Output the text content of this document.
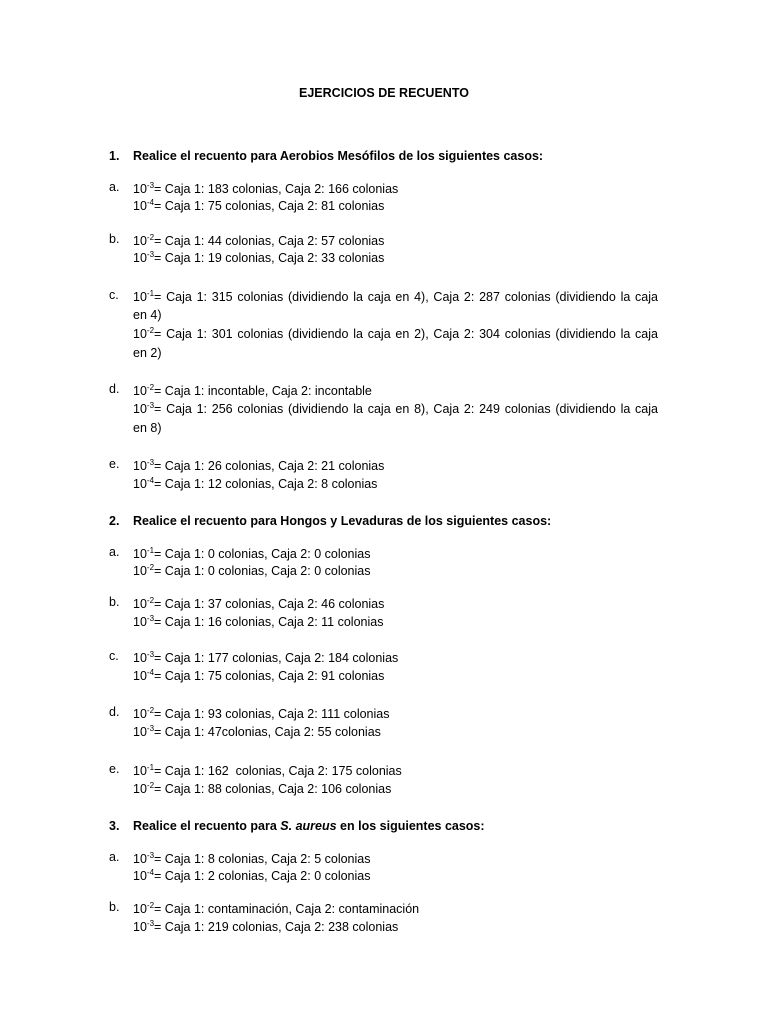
EJERCICIOS DE RECUENTO
1. Realice el recuento para Aerobios Mesófilos de los siguientes casos:
a. $10^{-3}=$ Caja 1: 183 colonias, Caja 2: 166 colonias
$10^{-4}=$ Caja 1: 75 colonias, Caja 2: 81 colonias
b. $10^{-2}=$ Caja 1: 44 colonias, Caja 2: 57 colonias
$10^{-3}=$ Caja 1: 19 colonias, Caja 2: 33 colonias
c. $10^{-1}=$ Caja 1: 315 colonias (dividiendo la caja en 4), Caja 2: 287 colonias (dividiendo la caja
en 4)
$10^{-2}=$ Caja 1: 301 colonias (dividiendo la caja en 2), Caja 2: 304 colonias (dividiendo la caja
en 2)
d. $10^{-2}=$ Caja 1: incontable, Caja 2: incontable
$10^{-3}=$ Caja 1: 256 colonias (dividiendo la caja en 8), Caja 2: 249 colonias (dividiendo la caja
en 8)
e. $10^{-3}=$ Caja 1: 26 colonias, Caja 2: 21 colonias
$10^{-4}=$ Caja 1: 12 colonias, Caja 2: 8 colonias
2. Realice el recuento para Hongos y Levaduras de los siguientes casos:
a. $10^{-1}=$ Caja 1: 0 colonias, Caja 2: 0 colonias
$10^{-2}=$ Caja 1: 0 colonias, Caja 2: 0 colonias
b. $10^{-2}=$ Caja 1: 37 colonias, Caja 2: 46 colonias
$10^{-3}=$ Caja 1: 16 colonias, Caja 2: 11 colonias
c. $10^{-3}=$ Caja 1: 177 colonias, Caja 2: 184 colonias
$10^{-4}=$ Caja 1: 75 colonias, Caja 2: 91 colonias
d. $10^{-2}=$ Caja 1: 93 colonias, Caja 2: 111 colonias
$10^{-3}=$ Caja 1: 47colonias, Caja 2: 55 colonias
e. $10^{-1}=$ Caja 1: 162  colonias, Caja 2: 175 colonias
$10^{-2}=$ Caja 1: 88 colonias, Caja 2: 106 colonias
3. Realice el recuento para S. aureus en los siguientes casos:
a. $10^{-3}=$ Caja 1: 8 colonias, Caja 2: 5 colonias
$10^{-4}=$ Caja 1: 2 colonias, Caja 2: 0 colonias
b. $10^{-2}=$ Caja 1: contaminación, Caja 2: contaminación
$10^{-3}=$ Caja 1: 219 colonias, Caja 2: 238 colonias
